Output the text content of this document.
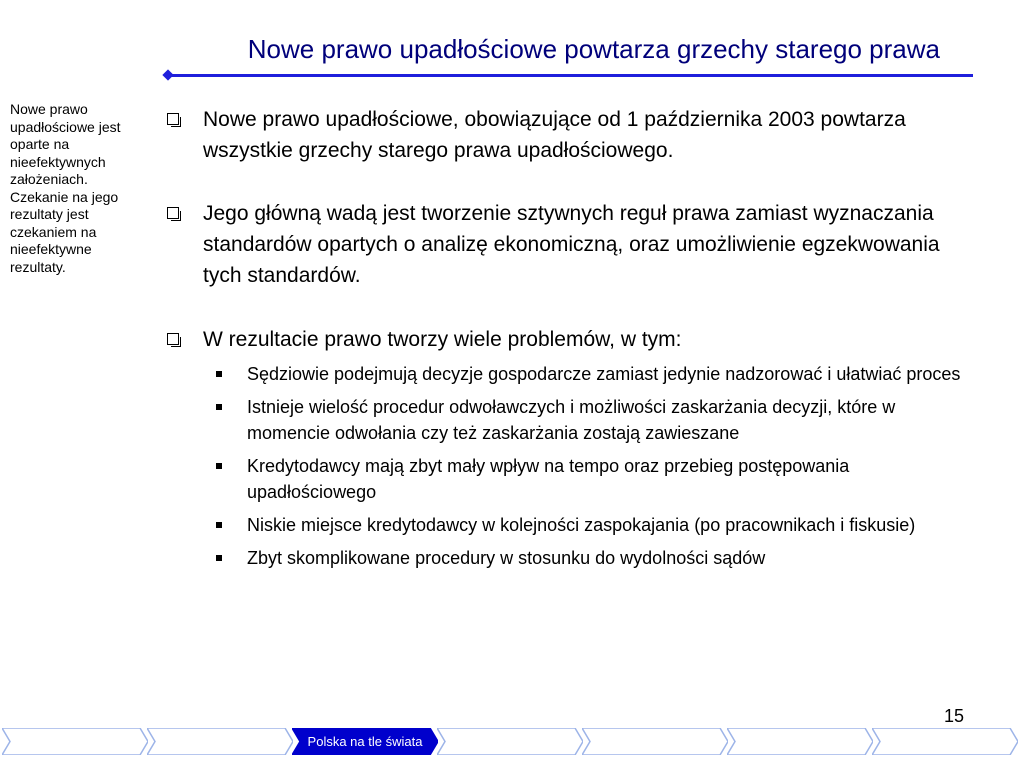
Nowe prawo upadłościowe powtarza grzechy starego prawa
Nowe prawo
upadłościowe jest
oparte na
nieefektywnych
założeniach.
Czekanie na jego
rezultaty jest
czekaniem na
nieefektywne
rezultaty.
Nowe prawo upadłościowe, obowiązujące od 1 października 2003 powtarza wszystkie grzechy starego prawa upadłościowego.
Jego główną wadą jest tworzenie sztywnych reguł prawa zamiast wyznaczania standardów opartych o analizę ekonomiczną, oraz umożliwienie egzekwowania tych standardów.
W rezultacie prawo tworzy wiele problemów, w tym:
Sędziowie podejmują decyzje gospodarcze zamiast jedynie nadzorować i ułatwiać proces
Istnieje wielość procedur odwoławczych i możliwości zaskarżania decyzji, które w momencie odwołania czy też zaskarżania zostają zawieszane
Kredytodawcy mają zbyt mały wpływ na tempo oraz przebieg postępowania upadłościowego
Niskie miejsce kredytodawcy w kolejności zaspokajania (po pracownikach i fiskusie)
Zbyt skomplikowane procedury w stosunku do wydolności sądów
15
Polska na tle świata
